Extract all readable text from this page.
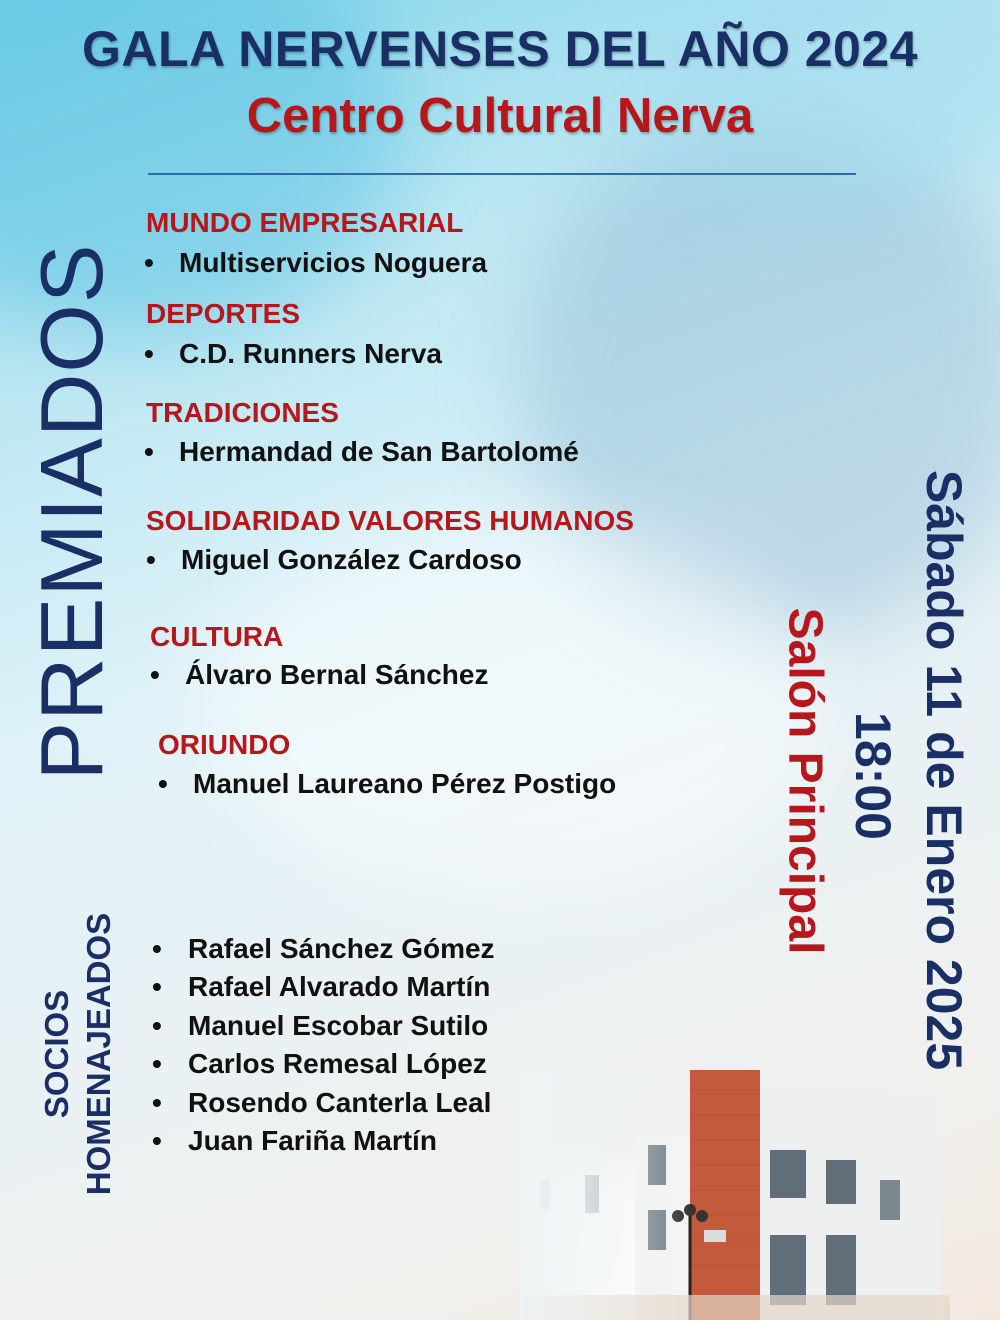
GALA NERVENSES DEL AÑO 2024
Centro Cultural Nerva
PREMIADOS
MUNDO EMPRESARIAL
• Multiservicios Noguera
DEPORTES
• C.D. Runners Nerva
TRADICIONES
• Hermandad de San Bartolomé
SOLIDARIDAD VALORES HUMANOS
• Miguel González Cardoso
CULTURA
• Álvaro Bernal Sánchez
ORIUNDO
• Manuel Laureano Pérez Postigo
SOCIOS HOMENAJEADOS • Rafael Sánchez Gómez
• Rafael Alvarado Martín
• Manuel Escobar Sutilo
• Carlos Remesal López
• Rosendo Canterla Leal
• Juan Fariña Martín
Sábado 11 de Enero 2025
18:00
Salón Principal
